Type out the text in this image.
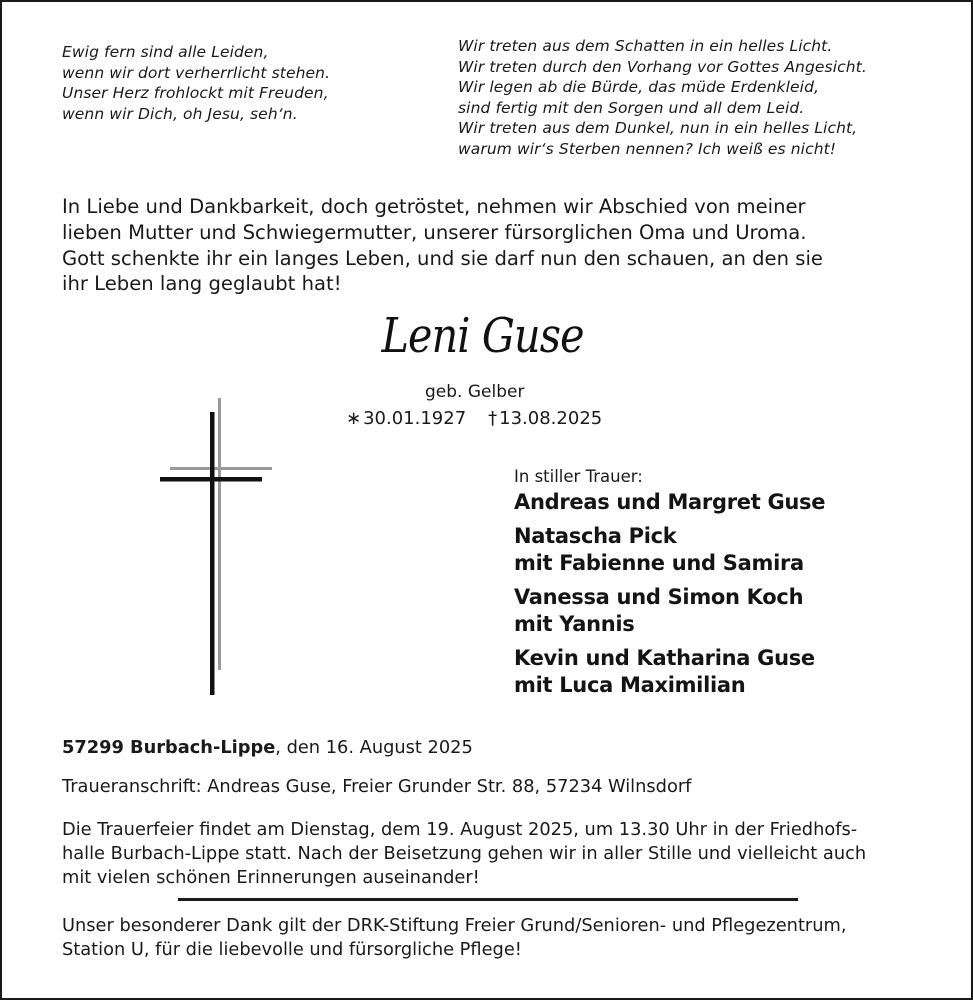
Ewig fern sind alle Leiden,
wenn wir dort verherrlicht stehen.
Unser Herz frohlockt mit Freuden,
wenn wir Dich, oh Jesu, seh‘n.
Wir treten aus dem Schatten in ein helles Licht.
Wir treten durch den Vorhang vor Gottes Angesicht.
Wir legen ab die Bürde, das müde Erdenkleid,
sind fertig mit den Sorgen und all dem Leid.
Wir treten aus dem Dunkel, nun in ein helles Licht,
warum wir‘s Sterben nennen? Ich weiß es nicht!
In Liebe und Dankbarkeit, doch getröstet, nehmen wir Abschied von meiner
lieben Mutter und Schwiegermutter, unserer fürsorglichen Oma und Uroma.
Gott schenkte ihr ein langes Leben, und sie darf nun den schauen, an den sie
ihr Leben lang geglaubt hat!
Leni Guse
geb. Gelber
∗ 30.01.1927 † 13.08.2025
In stiller Trauer:
Andreas und Margret Guse
Natascha Pick
mit Fabienne und Samira
Vanessa und Simon Koch
mit Yannis
Kevin und Katharina Guse
mit Luca Maximilian
57299 Burbach-Lippe, den 16. August 2025
Traueranschrift: Andreas Guse, Freier Grunder Str. 88, 57234 Wilnsdorf
Die Trauerfeier findet am Dienstag, dem 19. August 2025, um 13.30 Uhr in der Friedhofs-
halle Burbach-Lippe statt. Nach der Beisetzung gehen wir in aller Stille und vielleicht auch
mit vielen schönen Erinnerungen auseinander!
Unser besonderer Dank gilt der DRK-Stiftung Freier Grund/Senioren- und Pflegezentrum,
Station U, für die liebevolle und fürsorgliche Pflege!
